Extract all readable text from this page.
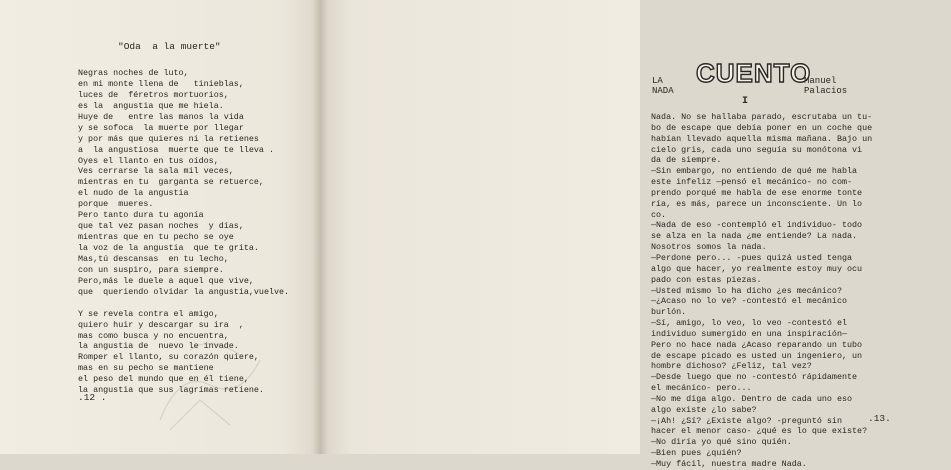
"Oda  a la muerte"
Negras noches de luto,
en mi monte llena de   tinieblas,
luces de  féretros mortuorios,
es la  angustia que me hiela.
Huye de   entre las manos la vida
y se sofoca  la muerte por llegar
y por más que quieres ni la retienes
a  la angustiosa  muerte que te lleva .
Oyes el llanto en tus oídos,
Ves cerrarse la sala mil veces,
mientras en tu  garganta se retuerce,
el nudo de la angustia
porque  mueres.
Pero tanto dura tu agonía
que tal vez pasan noches  y días,
mientras que en tu pecho se oye
la voz de la angustia  que te grita.
Mas,tú descansas  en tu lecho,
con un suspiro, para siempre.
Pero,más le duele a aquel que vive,
que  queriendo olvidar la angustia,vuelve.
Y se revela contra el amigo,
quiero huir y descargar su ira  ,
mas como busca y no encuentra,
la angustia de  nuevo le invade.
Romper el llanto, su corazón quiere,
mas en su pecho se mantiene
el peso del mundo que en él tiene,
la angustia que sus lagrimas retiene.
.12 .
LA NADA
CUENTO
Manuel Palacios
I
Nada. No se hallaba parado, escrutaba un tu-
bo de escape que debía poner en un coche que
habían llevado aquella misma mañana. Bajo un
cielo gris, cada uno seguía su monótona vi
da de siempre.
—Sin embargo, no entiendo de qué me habla
este infeliz —pensó el mecánico- no com-
prendo porqué me habla de ese enorme tonte
ría, es más, parece un inconsciente. Un lo
co.
—Nada de eso -contempló el individuo- todo
se alza en la nada ¿me entiende? La nada.
Nosotros somos la nada.
—Perdone pero... -pues quizá usted tenga
algo que hacer, yo realmente estoy muy ocu
pado con estas piezas.
—Usted mismo lo ha dicho ¿es mecánico?
—¿Acaso no lo ve? -contestó el mecánico
burlón.
—Sí, amigo, lo veo, lo veo -contestó el
individuo sumergido en una inspiración—
Pero no hace nada ¿Acaso reparando un tubo
de escape picado es usted un ingeniero, un
hombre dichoso? ¿Feliz, tal vez?
—Desde luego que no -contestó rápidamente
el mecánico- pero...
—No me diga algo. Dentro de cada uno eso
algo existe ¿lo sabe?
—¡Ah! ¿Sí? ¿Existe algo? -preguntó sin
hacer el menor caso- ¿qué es lo que existe?
—No diría yo qué sino quién.
—Bien pues ¿quién?
—Muy fácil, nuestra madre Nada.
.13.
